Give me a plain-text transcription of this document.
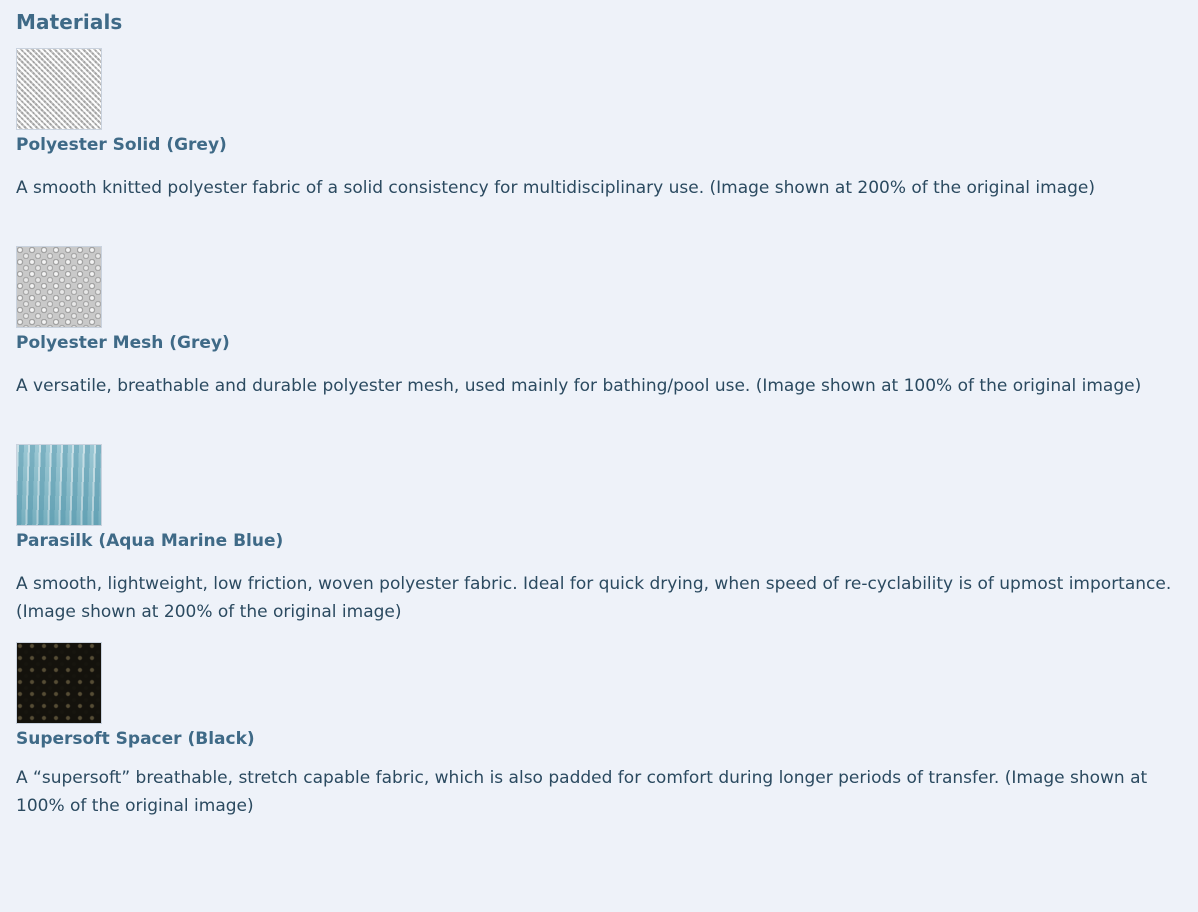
Materials
Polyester Solid (Grey)
A smooth knitted polyester fabric of a solid consistency for multidisciplinary use. (Image shown at 200% of the original image)
Polyester Mesh (Grey)
A versatile, breathable and durable polyester mesh, used mainly for bathing/pool use. (Image shown at 100% of the original image)
Parasilk (Aqua Marine Blue)
A smooth, lightweight, low friction, woven polyester fabric. Ideal for quick drying, when speed of re-cyclability is of upmost importance. (Image shown at 200% of the original image)
Supersoft Spacer (Black)
A “supersoft” breathable, stretch capable fabric, which is also padded for comfort during longer periods of transfer. (Image shown at 100% of the original image)
